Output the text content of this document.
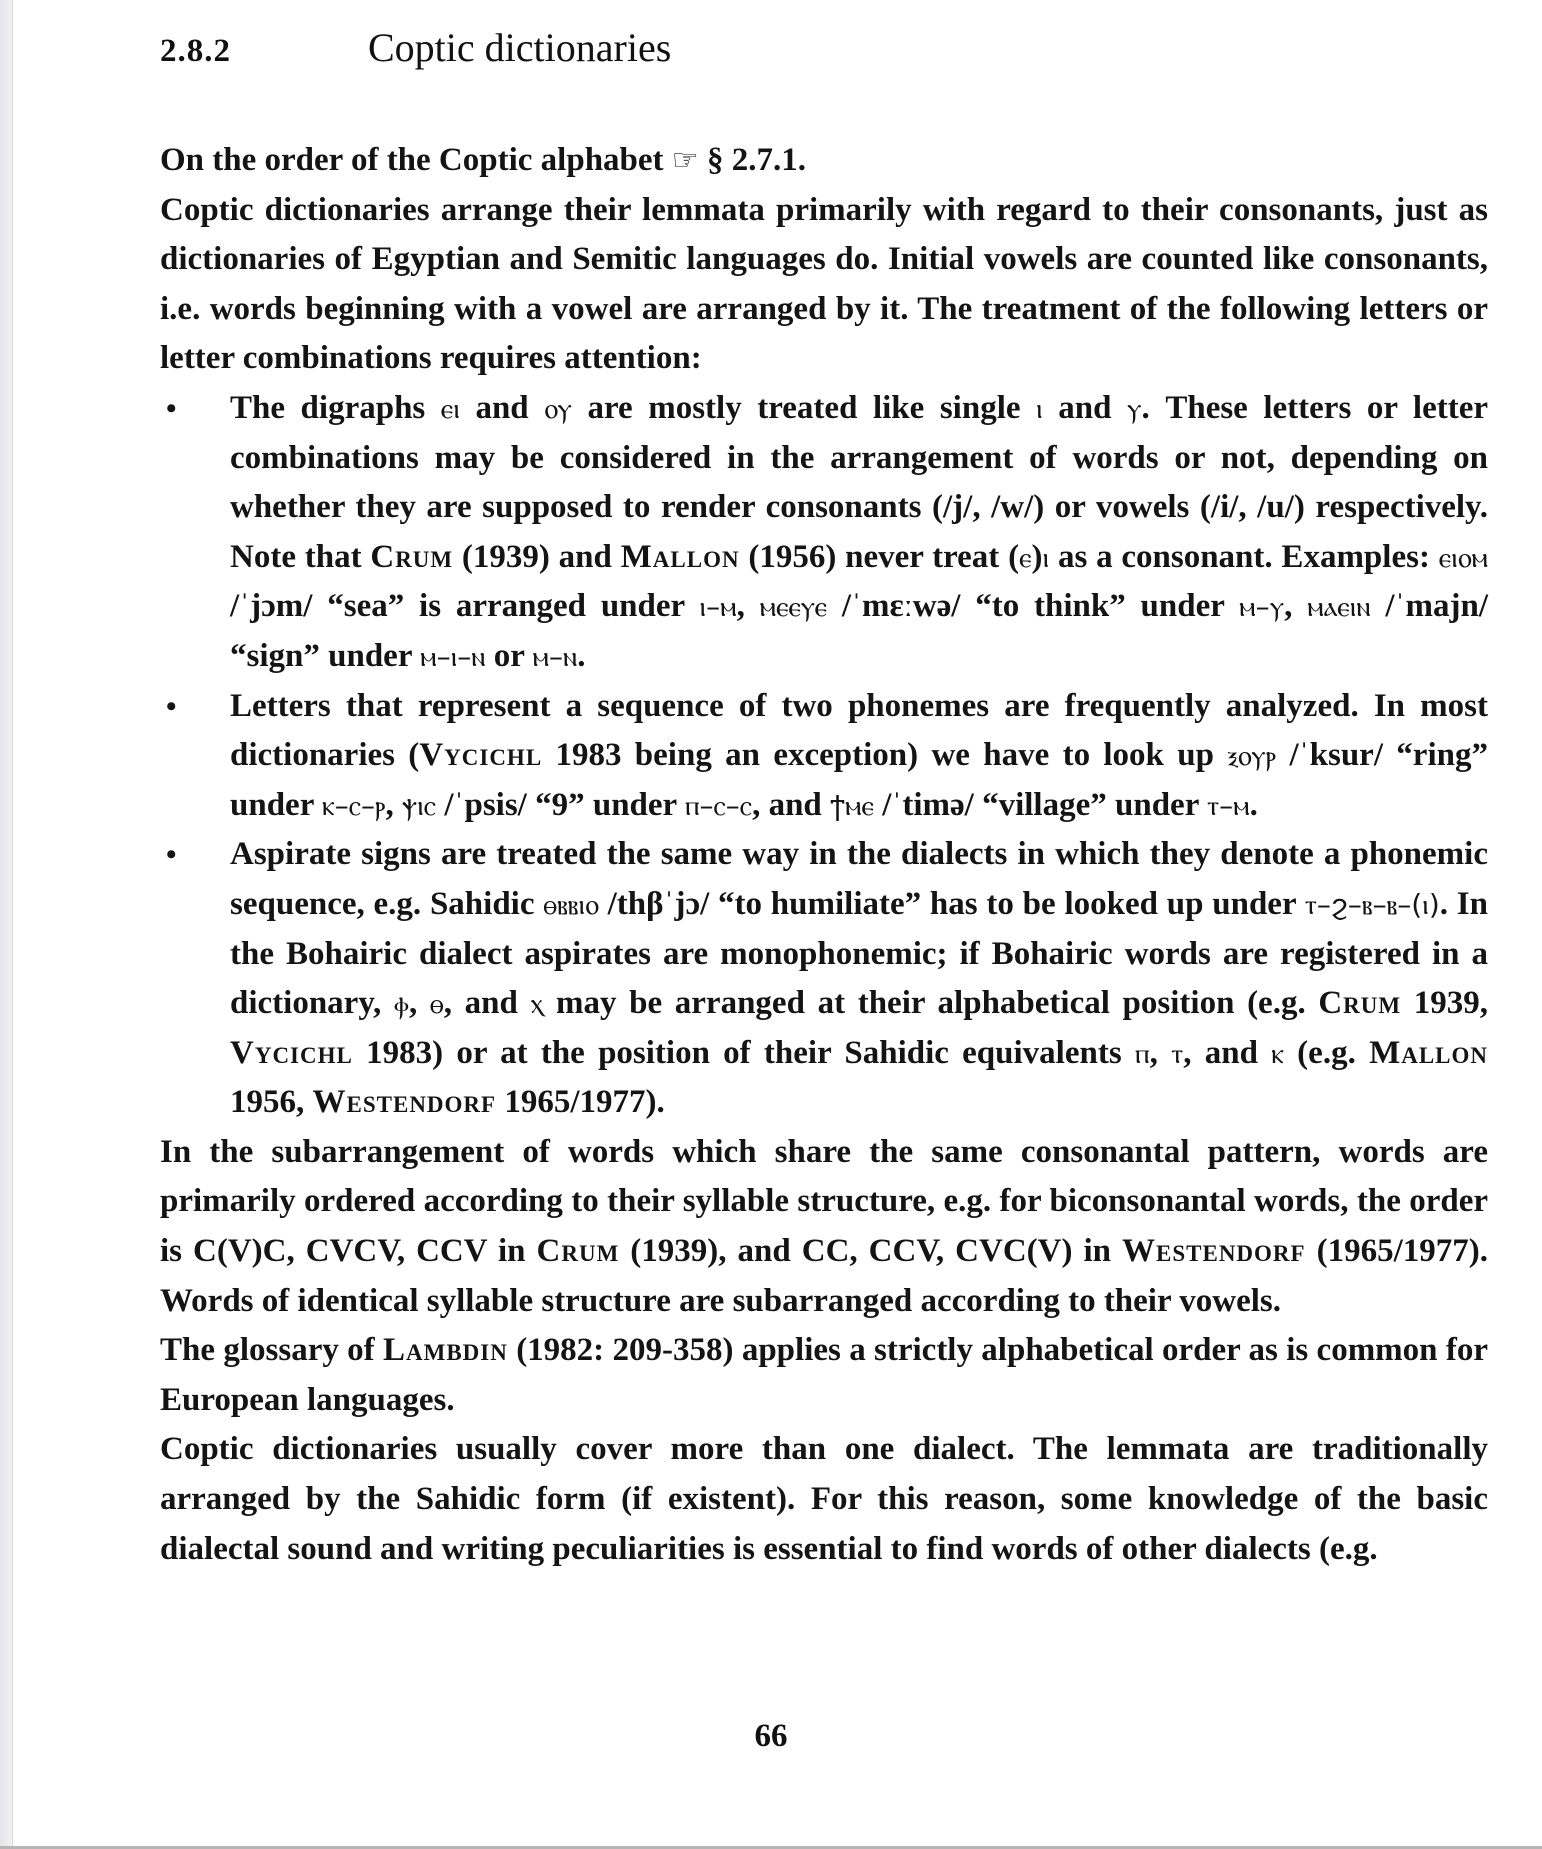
2.8.2	Coptic dictionaries

On the order of the Coptic alphabet ☞ § 2.7.1.

Coptic dictionaries arrange their lemmata primarily with regard to their consonants, just as dictionaries of Egyptian and Semitic languages do. Initial vowels are counted like consonants, i.e. words beginning with a vowel are arranged by it. The treatment of the following letters or letter combinations requires attention:

• The digraphs ⲉⲓ and ⲟⲩ are mostly treated like single ⲓ and ⲩ. These letters or letter combinations may be considered in the arrangement of words or not, depending on whether they are supposed to render consonants (/j/, /w/) or vowels (/i/, /u/) respectively. Note that Crum (1939) and Mallon (1956) never treat (ⲉ)ⲓ as a consonant. Examples: ⲉⲓⲟⲙ /ˈjɔm/ “sea” is arranged under ⲓ–ⲙ, ⲙⲉⲉⲩⲉ /ˈmɛːwə/ “to think” under ⲙ–ⲩ, ⲙⲁⲉⲓⲛ /ˈmajn/ “sign” under ⲙ–ⲓ–ⲛ or ⲙ–ⲛ.
• Letters that represent a sequence of two phonemes are frequently analyzed. In most dictionaries (Vycichl 1983 being an exception) we have to look up ⲝⲟⲩⲣ /ˈksur/ “ring” under ⲕ–ⲥ–ⲣ, ⲯⲓⲥ /ˈpsis/ “9” under ⲡ–ⲥ–ⲥ, and ϯⲙⲉ /ˈtimə/ “village” under ⲧ–ⲙ.
• Aspirate signs are treated the same way in the dialects in which they denote a phonemic sequence, e.g. Sahidic ⲑⲃⲃⲓⲟ /thβˈjɔ/ “to humiliate” has to be looked up under ⲧ–ϩ–ⲃ–ⲃ–(ⲓ). In the Bohairic dialect aspirates are monophonemic; if Bohairic words are registered in a dictionary, ⲫ, ⲑ, and ⲭ may be arranged at their alphabetical position (e.g. Crum 1939, Vycichl 1983) or at the position of their Sahidic equivalents ⲡ, ⲧ, and ⲕ (e.g. Mallon 1956, Westendorf 1965/1977).

In the subarrangement of words which share the same consonantal pattern, words are primarily ordered according to their syllable structure, e.g. for biconsonantal words, the order is C(V)C, CVCV, CCV in Crum (1939), and CC, CCV, CVC(V) in Westendorf (1965/1977). Words of identical syllable structure are subarranged according to their vowels.

The glossary of Lambdin (1982: 209-358) applies a strictly alphabetical order as is common for European languages.

Coptic dictionaries usually cover more than one dialect. The lemmata are traditionally arranged by the Sahidic form (if existent). For this reason, some knowledge of the basic dialectal sound and writing peculiarities is essential to find words of other dialects (e.g.

66
